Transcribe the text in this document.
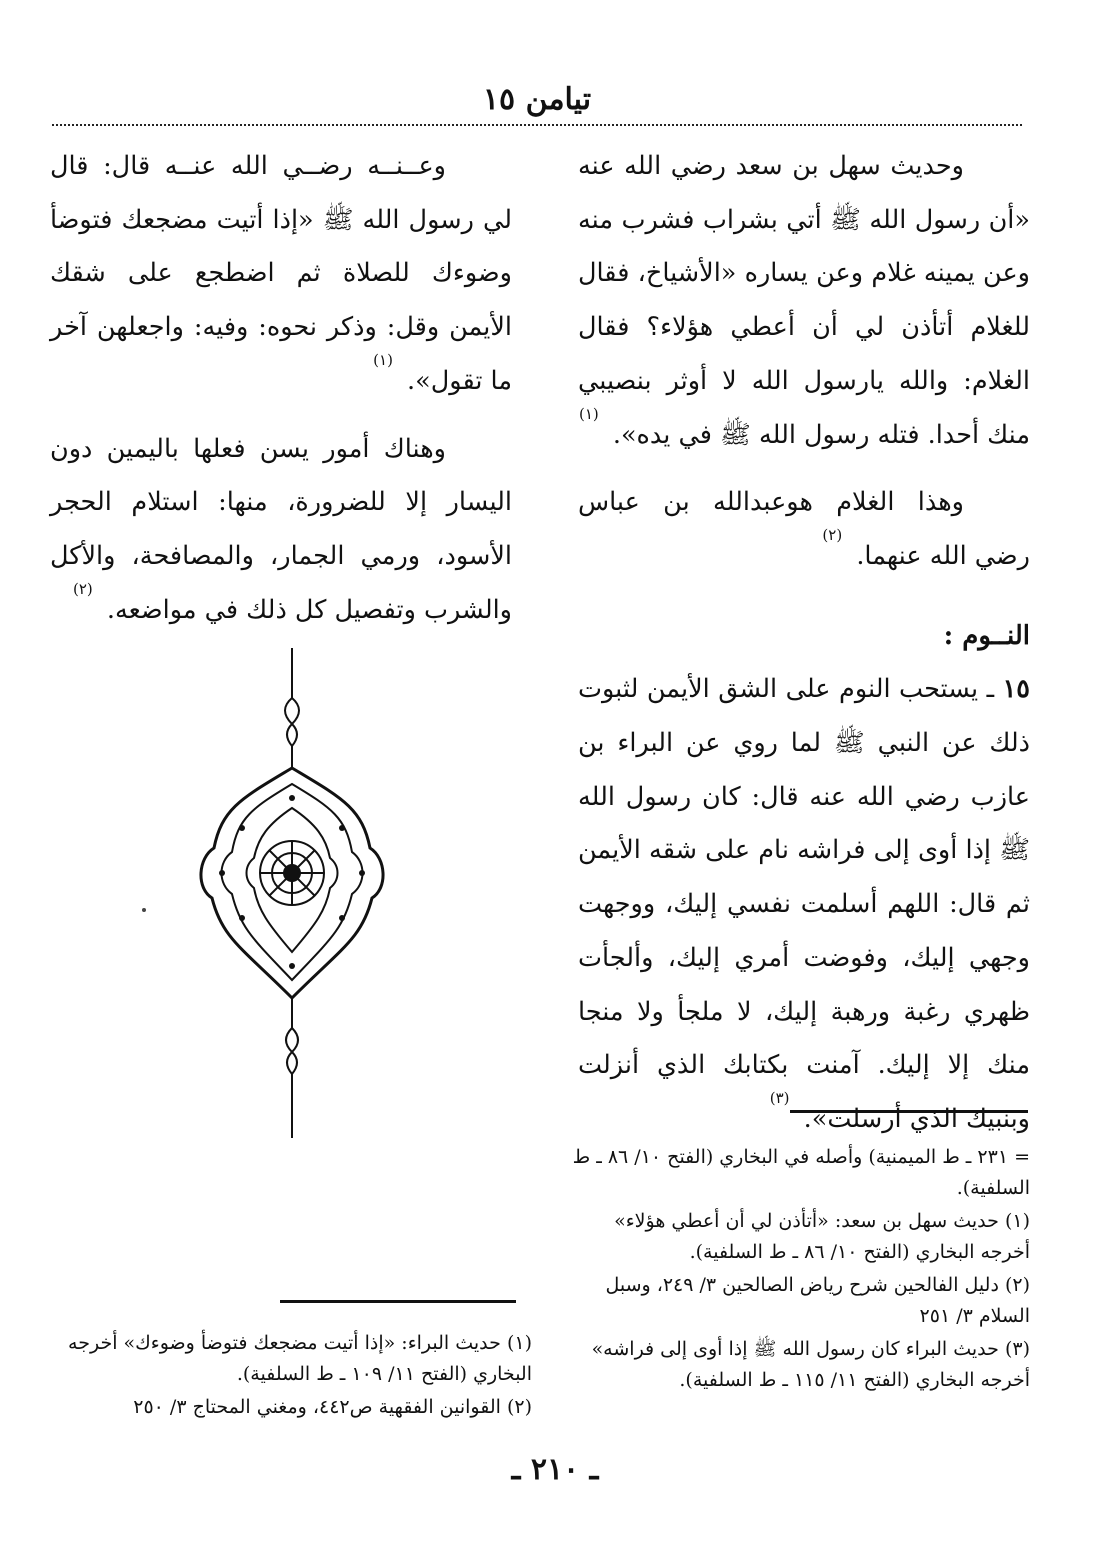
تيامن ١٥

وحديث سهل بن سعد رضي الله عنه «أن رسول الله ﷺ أتي بشراب فشرب منه وعن يمينه غلام وعن يساره «الأشياخ، فقال للغلام أتأذن لي أن أعطي هؤلاء؟ فقال الغلام: والله يارسول الله لا أوثر بنصيبي منك أحدا. فتله رسول الله ﷺ في يده». $^{(١)}$

وهذا الغلام هوعبدالله بن عباس رضي الله عنهما. $^{(٢)}$

النــوم :

١٥ ـ يستحب النوم على الشق الأيمن لثبوت ذلك عن النبي ﷺ لما روي عن البراء بن عازب رضي الله عنه قال: كان رسول الله ﷺ إذا أوى إلى فراشه نام على شقه الأيمن ثم قال: اللهم أسلمت نفسي إليك، ووجهت وجهي إليك، وفوضت أمري إليك، وألجأت ظهري رغبة ورهبة إليك، لا ملجأ ولا منجا منك إلا إليك. آمنت بكتابك الذي أنزلت وبنبيك الذي أرسلت». $^{(٣)}$

وعــنــه رضــي الله عنــه قال: قال لي رسول الله ﷺ «إذا أتيت مضجعك فتوضأ وضوءك للصلاة ثم اضطجع على شقك الأيمن وقل: وذكر نحوه: وفيه: واجعلهن آخر ما تقول». $^{(١)}$

وهناك أمور يسن فعلها باليمين دون اليسار إلا للضرورة، منها: استلام الحجر الأسود، ورمي الجمار، والمصافحة، والأكل والشرب وتفصيل كل ذلك في مواضعه. $^{(٢)}$

= ٢٣١ ـ ط الميمنية) وأصله في البخاري (الفتح ١٠/ ٨٦ ـ ط السلفية).

(١) حديث سهل بن سعد: «أتأذن لي أن أعطي هؤلاء» أخرجه البخاري (الفتح ١٠/ ٨٦ ـ ط السلفية).

(٢) دليل الفالحين شرح رياض الصالحين ٣/ ٢٤٩، وسبل السلام ٣/ ٢٥١

(٣) حديث البراء كان رسول الله ﷺ إذا أوى إلى فراشه» أخرجه البخاري (الفتح ١١/ ١١٥ ـ ط السلفية).

(١) حديث البراء: «إذا أتيت مضجعك فتوضأ وضوءك» أخرجه البخاري (الفتح ١١/ ١٠٩ ـ ط السلفية).

(٢) القوانين الفقهية ص٤٤٢، ومغني المحتاج ٣/ ٢٥٠

ـ ٢١٠ ـ
